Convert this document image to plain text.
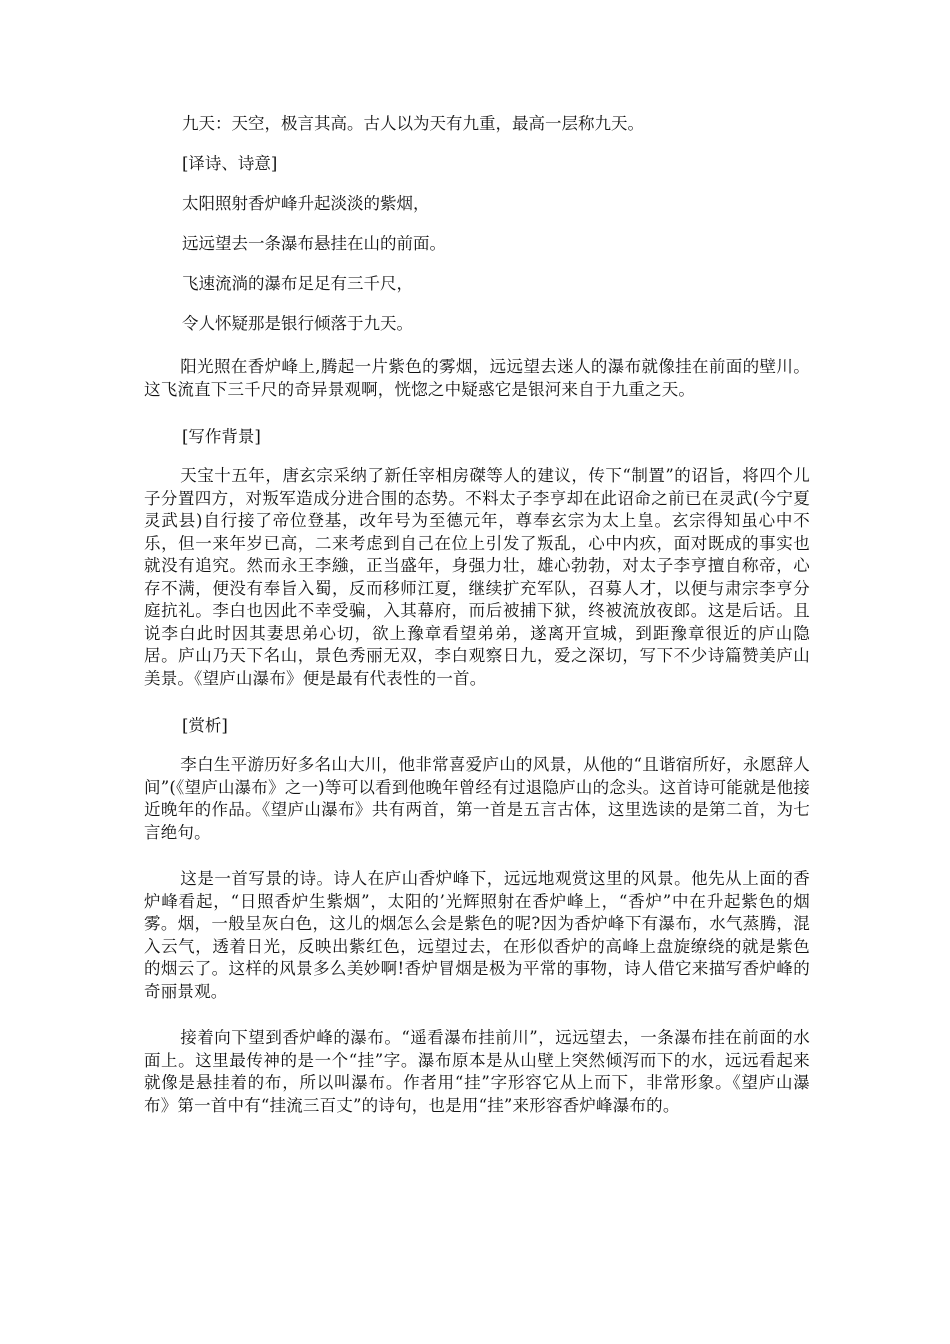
九天：天空，极言其高。古人以为天有九重，最高一层称九天。
[译诗、诗意]
太阳照射香炉峰升起淡淡的紫烟，
远远望去一条瀑布悬挂在山的前面。
飞速流淌的瀑布足足有三千尺，
令人怀疑那是银行倾落于九天。
阳光照在香炉峰上,腾起一片紫色的雾烟，远远望去迷人的瀑布就像挂在前面的壁川。这飞流直下三千尺的奇异景观啊，恍惚之中疑惑它是银河来自于九重之天。
[写作背景]
天宝十五年，唐玄宗采纳了新任宰相房磔等人的建议，传下“制置”的诏旨，将四个儿子分置四方，对叛军造成分进合围的态势。不料太子李亨却在此诏命之前已在灵武(今宁夏灵武县)自行接了帝位登基，改年号为至德元年，尊奉玄宗为太上皇。玄宗得知虽心中不乐，但一来年岁已高，二来考虑到自己在位上引发了叛乱，心中内疚，面对既成的事实也就没有追究。然而永王李繈，正当盛年，身强力壮，雄心勃勃，对太子李亨擅自称帝，心存不满，便没有奉旨入蜀，反而移师江夏，继续扩充军队，召募人才，以便与肃宗李亨分庭抗礼。李白也因此不幸受骗，入其幕府，而后被捕下狱，终被流放夜郎。这是后话。且说李白此时因其妻思弟心切，欲上豫章看望弟弟，遂离开宣城，到距豫章很近的庐山隐居。庐山乃天下名山，景色秀丽无双，李白观察日九，爱之深切，写下不少诗篇赞美庐山美景。《望庐山瀑布》便是最有代表性的一首。
[赏析]
李白生平游历好多名山大川，他非常喜爱庐山的风景，从他的“且谐宿所好，永愿辞人间”(《望庐山瀑布》之一)等可以看到他晚年曾经有过退隐庐山的念头。这首诗可能就是他接近晚年的作品。《望庐山瀑布》共有两首，第一首是五言古体，这里选读的是第二首，为七言绝句。
这是一首写景的诗。诗人在庐山香炉峰下，远远地观赏这里的风景。他先从上面的香炉峰看起，“日照香炉生紫烟”，太阳的’光辉照射在香炉峰上，“香炉”中在升起紫色的烟雾。烟，一般呈灰白色，这儿的烟怎么会是紫色的呢?因为香炉峰下有瀑布，水气蒸腾，混入云气，透着日光，反映出紫红色，远望过去，在形似香炉的高峰上盘旋缭绕的就是紫色的烟云了。这样的风景多么美妙啊!香炉冒烟是极为平常的事物，诗人借它来描写香炉峰的奇丽景观。
接着向下望到香炉峰的瀑布。“遥看瀑布挂前川”，远远望去，一条瀑布挂在前面的水面上。这里最传神的是一个“挂”字。瀑布原本是从山壁上突然倾泻而下的水，远远看起来就像是悬挂着的布，所以叫瀑布。作者用“挂”字形容它从上而下，非常形象。《望庐山瀑布》第一首中有“挂流三百丈”的诗句，也是用“挂”来形容香炉峰瀑布的。
